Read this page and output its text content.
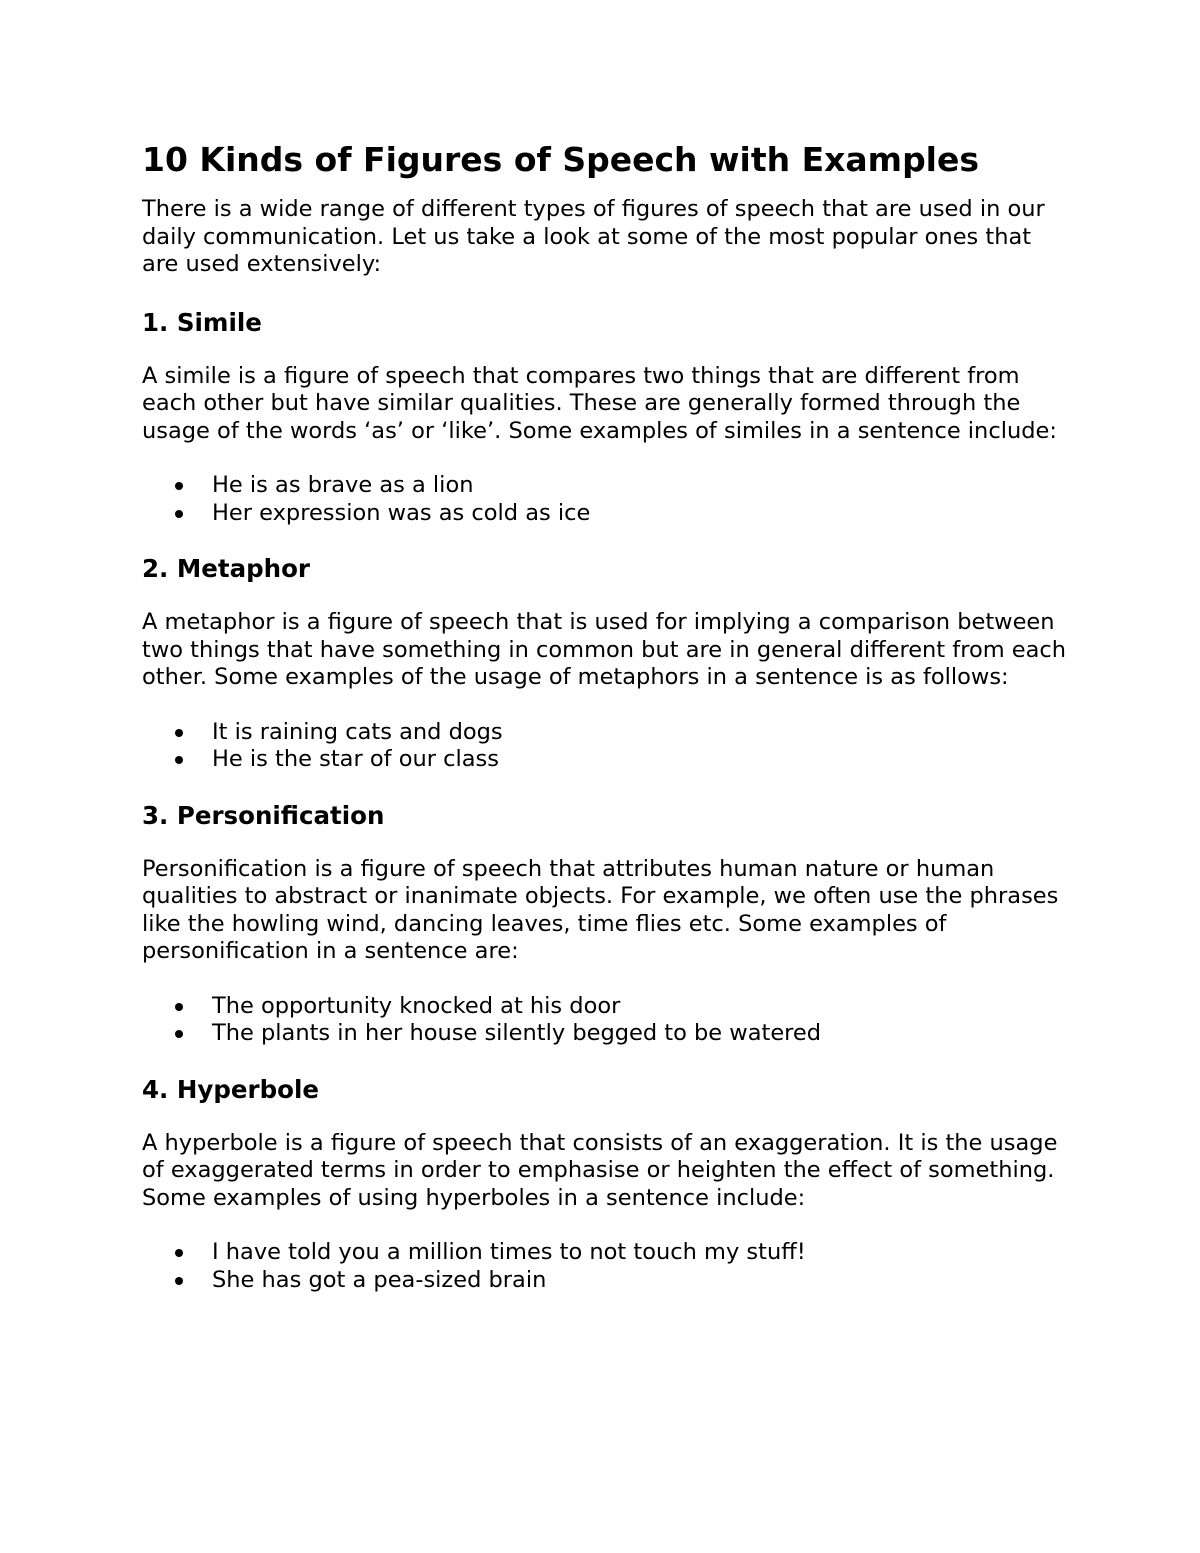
10 Kinds of Figures of Speech with Examples

There is a wide range of different types of figures of speech that are used in our daily communication. Let us take a look at some of the most popular ones that are used extensively:

1. Simile

A simile is a figure of speech that compares two things that are different from each other but have similar qualities. These are generally formed through the usage of the words ‘as’ or ‘like’. Some examples of similes in a sentence include:

He is as brave as a lion
Her expression was as cold as ice
2. Metaphor

A metaphor is a figure of speech that is used for implying a comparison between two things that have something in common but are in general different from each other. Some examples of the usage of metaphors in a sentence is as follows:

It is raining cats and dogs
He is the star of our class
3. Personification

Personification is a figure of speech that attributes human nature or human qualities to abstract or inanimate objects. For example, we often use the phrases like the howling wind, dancing leaves, time flies etc. Some examples of personification in a sentence are:

The opportunity knocked at his door
The plants in her house silently begged to be watered
4. Hyperbole

A hyperbole is a figure of speech that consists of an exaggeration. It is the usage of exaggerated terms in order to emphasise or heighten the effect of something. Some examples of using hyperboles in a sentence include:

I have told you a million times to not touch my stuff!
She has got a pea-sized brain
